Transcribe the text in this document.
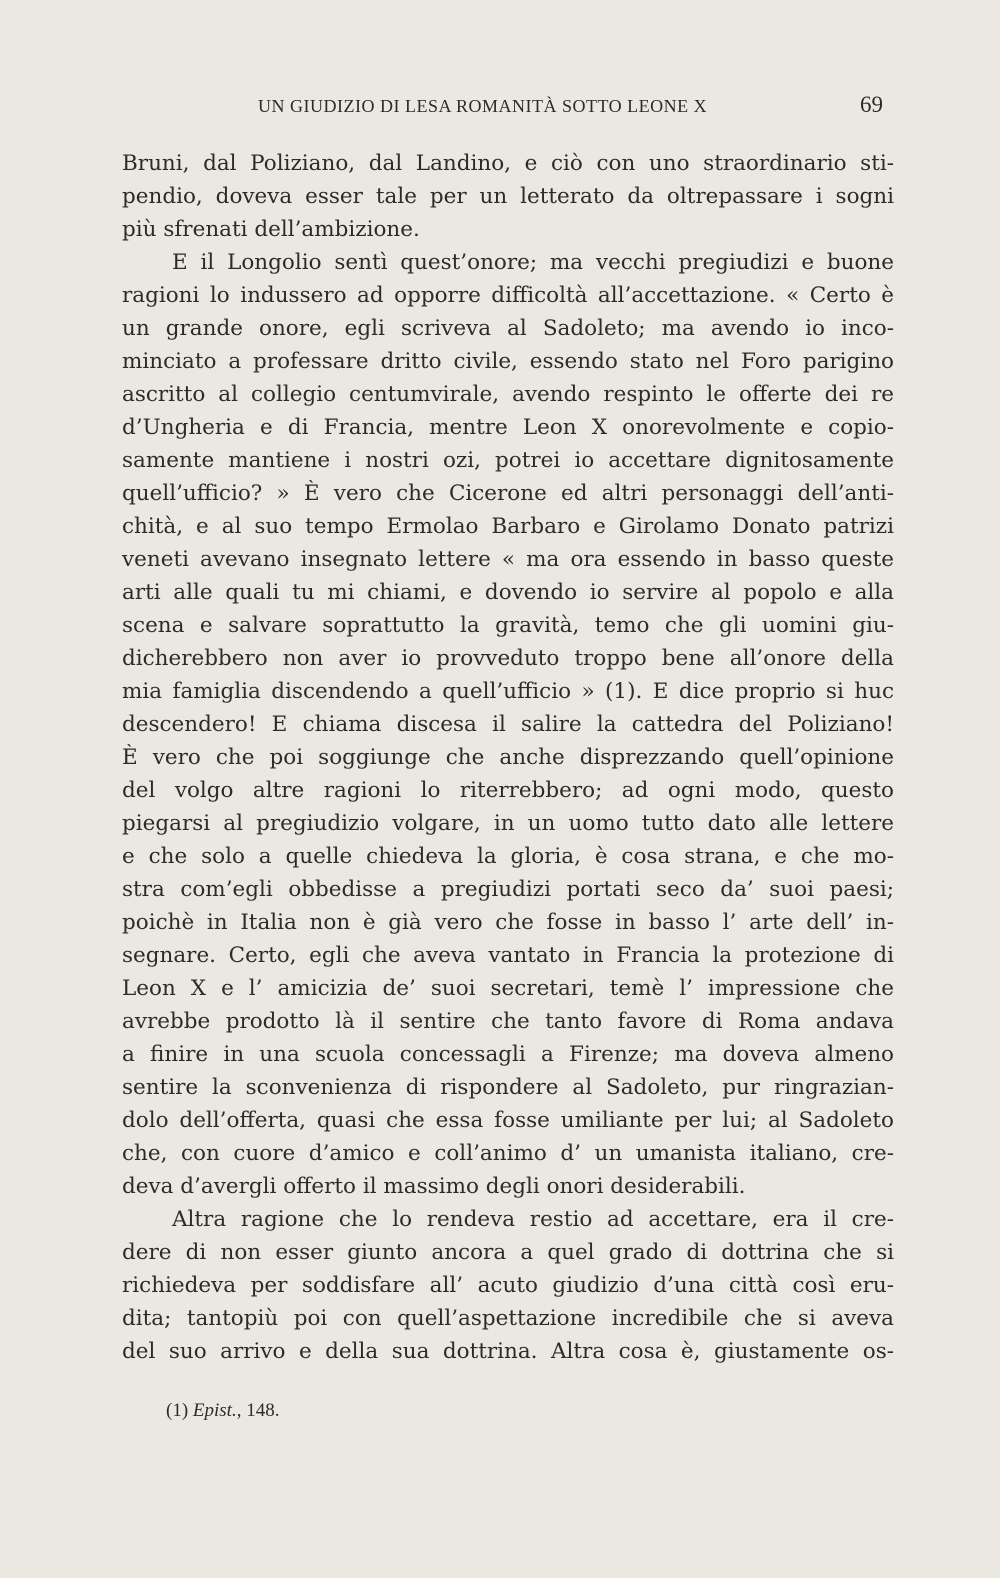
UN GIUDIZIO DI LESA ROMANITÀ SOTTO LEONE X	69
Bruni, dal Poliziano, dal Landino, e ciò con uno straordinario sti-
pendio, doveva esser tale per un letterato da oltrepassare i sogni
più sfrenati dell’ambizione.
E il Longolio sentì quest’onore; ma vecchi pregiudizi e buone
ragioni lo indussero ad opporre difficoltà all’accettazione. « Certo è
un grande onore, egli scriveva al Sadoleto; ma avendo io inco-
minciato a professare dritto civile, essendo stato nel Foro parigino
ascritto al collegio centumvirale, avendo respinto le offerte dei re
d’Ungheria e di Francia, mentre Leon X onorevolmente e copio-
samente mantiene i nostri ozi, potrei io accettare dignitosamente
quell’ufficio? » È vero che Cicerone ed altri personaggi dell’anti-
chità, e al suo tempo Ermolao Barbaro e Girolamo Donato patrizi
veneti avevano insegnato lettere « ma ora essendo in basso queste
arti alle quali tu mi chiami, e dovendo io servire al popolo e alla
scena e salvare soprattutto la gravità, temo che gli uomini giu-
dicherebbero non aver io provveduto troppo bene all’onore della
mia famiglia discendendo a quell’ufficio » (1). E dice proprio si huc
descendero! E chiama discesa il salire la cattedra del Poliziano!
È vero che poi soggiunge che anche disprezzando quell’opinione
del volgo altre ragioni lo riterrebbero; ad ogni modo, questo
piegarsi al pregiudizio volgare, in un uomo tutto dato alle lettere
e che solo a quelle chiedeva la gloria, è cosa strana, e che mo-
stra com’egli obbedisse a pregiudizi portati seco da’ suoi paesi;
poichè in Italia non è già vero che fosse in basso l’ arte dell’ in-
segnare. Certo, egli che aveva vantato in Francia la protezione di
Leon X e l’ amicizia de’ suoi secretari, temè l’ impressione che
avrebbe prodotto là il sentire che tanto favore di Roma andava
a finire in una scuola concessagli a Firenze; ma doveva almeno
sentire la sconvenienza di rispondere al Sadoleto, pur ringrazian-
dolo dell’offerta, quasi che essa fosse umiliante per lui; al Sadoleto
che, con cuore d’amico e coll’animo d’ un umanista italiano, cre-
deva d’avergli offerto il massimo degli onori desiderabili.
Altra ragione che lo rendeva restio ad accettare, era il cre-
dere di non esser giunto ancora a quel grado di dottrina che si
richiedeva per soddisfare all’ acuto giudizio d’una città così eru-
dita; tantopiù poi con quell’aspettazione incredibile che si aveva
del suo arrivo e della sua dottrina. Altra cosa è, giustamente os-
(1) Epist., 148.
